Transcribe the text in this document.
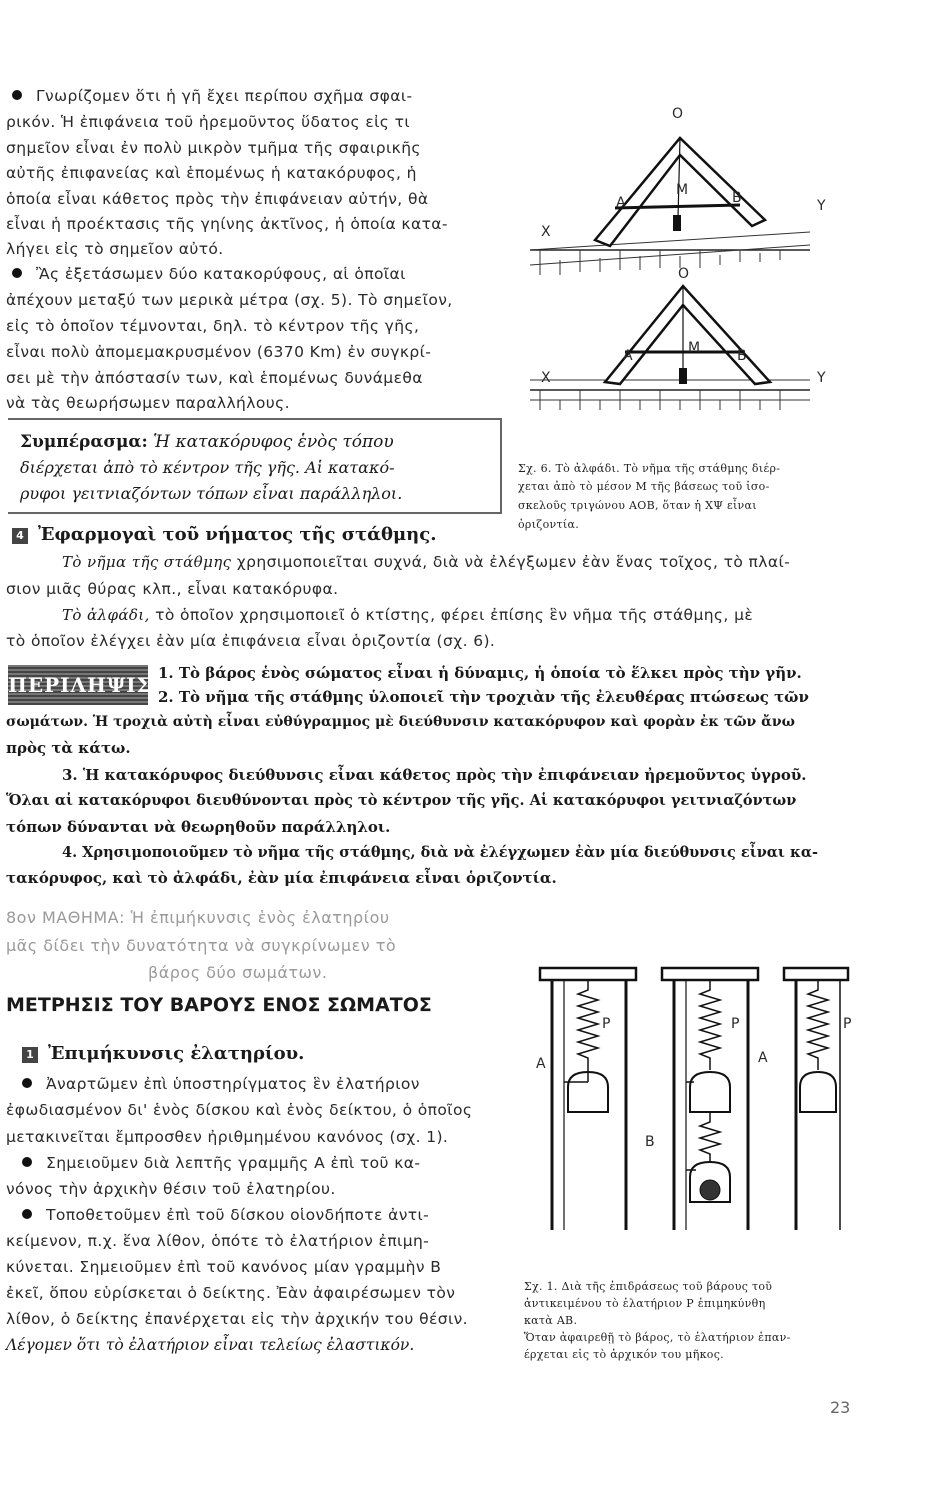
Γνωρίζομεν ὅτι ἡ γῆ ἔχει περίπου σχῆμα σφαι-
ρικόν. Ἡ ἐπιφάνεια τοῦ ἠρεμοῦντος ὕδατος εἰς τι
σημεῖον εἶναι ἐν πολὺ μικρὸν τμῆμα τῆς σφαιρικῆς
αὐτῆς ἐπιφανείας καὶ ἑπομένως ἡ κατακόρυφος, ἡ
ὁποία εἶναι κάθετος πρὸς τὴν ἐπιφάνειαν αὐτήν, θὰ
εἶναι ἡ προέκτασις τῆς γηίνης ἀκτῖνος, ἡ ὁποία κατα-
λήγει εἰς τὸ σημεῖον αὐτό.
Ἂς ἐξετάσωμεν δύο κατακορύφους, αἱ ὁποῖαι
ἀπέχουν μεταξύ των μερικὰ μέτρα (σχ. 5). Τὸ σημεῖον,
εἰς τὸ ὁποῖον τέμνονται, δηλ. τὸ κέντρον τῆς γῆς,
εἶναι πολὺ ἀπομεμακρυσμένον (6370 Km) ἐν συγκρί-
σει μὲ τὴν ἀπόστασίν των, καὶ ἑπομένως δυνάμεθα
νὰ τὰς θεωρήσωμεν παραλλήλους.
Συμπέρασμα: Ἡ κατακόρυφος ἑνὸς τόπου
διέρχεται ἀπὸ τὸ κέντρον τῆς γῆς. Αἱ κατακό-
ρυφοι γειτνιαζόντων τόπων εἶναι παράλληλοι.
O
A
M	B
X
Y
O
A	M	B
X	Y
Σχ. 6. Τὸ ἀλφάδι. Τὸ νῆμα τῆς στάθμης διέρ-
χεται ἀπὸ τὸ μέσον Μ τῆς βάσεως τοῦ ἰσο-
σκελοῦς τριγώνου ΑΟΒ, ὅταν ἡ ΧΨ εἶναι
ὁριζοντία.
4 Ἐφαρμογαὶ τοῦ νήματος τῆς στάθμης.
Τὸ νῆμα τῆς στάθμης χρησιμοποιεῖται συχνά, διὰ νὰ ἐλέγξωμεν ἐὰν ἕνας τοῖχος, τὸ πλαί-
σιον μιᾶς θύρας κλπ., εἶναι κατακόρυφα.
Τὸ ἀλφάδι, τὸ ὁποῖον χρησιμοποιεῖ ὁ κτίστης, φέρει ἐπίσης ἓν νῆμα τῆς στάθμης, μὲ
τὸ ὁποῖον ἐλέγχει ἐὰν μία ἐπιφάνεια εἶναι ὁριζοντία (σχ. 6).
ΠΕΡΙΛΗΨΙΣ 1. Τὸ βάρος ἑνὸς σώματος εἶναι ἡ δύναμις, ἡ ὁποία τὸ ἕλκει πρὸς τὴν γῆν.
2. Τὸ νῆμα τῆς στάθμης ὑλοποιεῖ τὴν τροχιὰν τῆς ἐλευθέρας πτώσεως τῶν
σωμάτων. Ἡ τροχιὰ αὐτὴ εἶναι εὐθύγραμμος μὲ διεύθυνσιν κατακόρυφον καὶ φορὰν ἐκ τῶν ἄνω
πρὸς τὰ κάτω.
3. Ἡ κατακόρυφος διεύθυνσις εἶναι κάθετος πρὸς τὴν ἐπιφάνειαν ἠρεμοῦντος ὑγροῦ.
Ὅλαι αἱ κατακόρυφοι διευθύνονται πρὸς τὸ κέντρον τῆς γῆς. Αἱ κατακόρυφοι γειτνιαζόντων
τόπων δύνανται νὰ θεωρηθοῦν παράλληλοι.
4. Χρησιμοποιοῦμεν τὸ νῆμα τῆς στάθμης, διὰ νὰ ἐλέγχωμεν ἐὰν μία διεύθυνσις εἶναι κα-
τακόρυφος, καὶ τὸ ἀλφάδι, ἐὰν μία ἐπιφάνεια εἶναι ὁριζοντία.
8ον ΜΑΘΗΜΑ: Ἡ ἐπιμήκυνσις ἑνὸς ἐλατηρίου
μᾶς δίδει τὴν δυνατότητα νὰ συγκρίνωμεν τὸ
βάρος δύο σωμάτων.
ΜΕΤΡΗΣΙΣ ΤΟΥ ΒΑΡΟΥΣ ΕΝΟΣ ΣΩΜΑΤΟΣ
1 Ἐπιμήκυνσις ἐλατηρίου.
Ἀναρτῶμεν ἐπὶ ὑποστηρίγματος ἓν ἐλατήριον
ἐφωδιασμένον δι' ἑνὸς δίσκου καὶ ἑνὸς δείκτου, ὁ ὁποῖος
μετακινεῖται ἔμπροσθεν ἠριθμημένου κανόνος (σχ. 1).
Σημειοῦμεν διὰ λεπτῆς γραμμῆς Α ἐπὶ τοῦ κα-
νόνος τὴν ἀρχικὴν θέσιν τοῦ ἐλατηρίου.
Τοποθετοῦμεν ἐπὶ τοῦ δίσκου οἱονδήποτε ἀντι-
κείμενον, π.χ. ἕνα λίθον, ὁπότε τὸ ἐλατήριον ἐπιμη-
κύνεται. Σημειοῦμεν ἐπὶ τοῦ κανόνος μίαν γραμμὴν Β
ἐκεῖ, ὅπου εὑρίσκεται ὁ δείκτης. Ἐὰν ἀφαιρέσωμεν τὸν
λίθον, ὁ δείκτης ἐπανέρχεται εἰς τὴν ἀρχικήν του θέσιν.
Λέγομεν ὅτι τὸ ἐλατήριον εἶναι τελείως ἐλαστικόν.
P	P	P
A	A
B
Σχ. 1. Διὰ τῆς ἐπιδράσεως τοῦ βάρους τοῦ
ἀντικειμένου τὸ ἐλατήριον Ρ ἐπιμηκύνθη
κατὰ ΑΒ.
Ὅταν ἀφαιρεθῇ τὸ βάρος, τὸ ἐλατήριον ἐπαν-
έρχεται εἰς τὸ ἀρχικόν του μῆκος.
23
